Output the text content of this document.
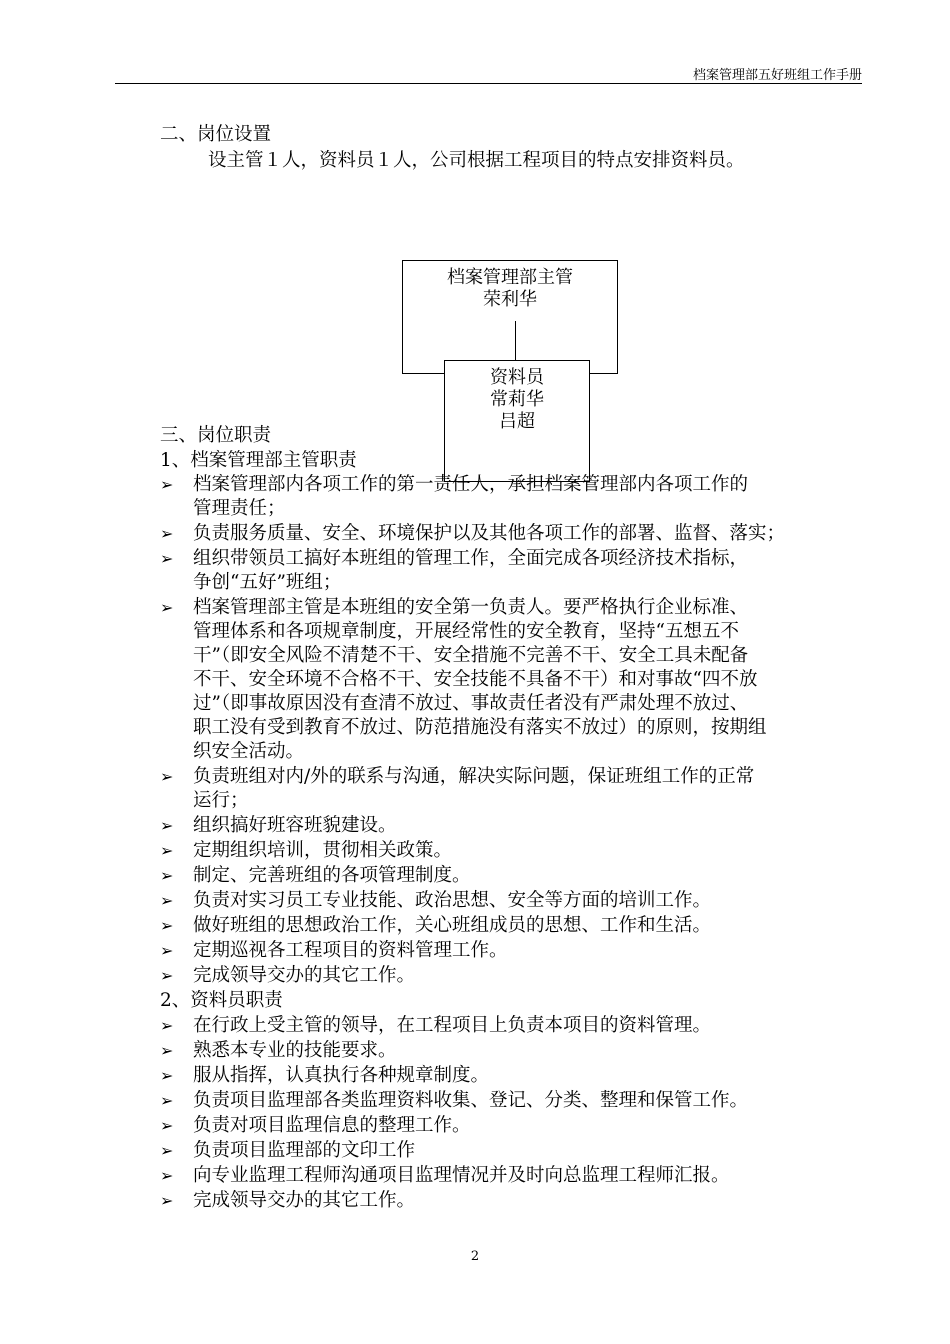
档案管理部五好班组工作手册
二、岗位设置
设主管１人，资料员１人，公司根据工程项目的特点安排资料员。
档案管理部主管
荣利华
资料员
常莉华
吕超
三、岗位职责
1、档案管理部主管职责
➢ 档案管理部内各项工作的第一责任人，承担档案管理部内各项工作的
管理责任；
➢ 负责服务质量、安全、环境保护以及其他各项工作的部署、监督、落实；
➢ 组织带领员工搞好本班组的管理工作，全面完成各项经济技术指标，
争创“五好”班组；
➢ 档案管理部主管是本班组的安全第一负责人。要严格执行企业标准、
管理体系和各项规章制度，开展经常性的安全教育，坚持“五想五不
干”（即安全风险不清楚不干、安全措施不完善不干、安全工具未配备
不干、安全环境不合格不干、安全技能不具备不干）和对事故“四不放
过”（即事故原因没有查清不放过、事故责任者没有严肃处理不放过、
职工没有受到教育不放过、防范措施没有落实不放过）的原则，按期组
织安全活动。
➢ 负责班组对内/外的联系与沟通，解决实际问题，保证班组工作的正常
运行；
➢ 组织搞好班容班貌建设。
➢ 定期组织培训，贯彻相关政策。
➢ 制定、完善班组的各项管理制度。
➢ 负责对实习员工专业技能、政治思想、安全等方面的培训工作。
➢ 做好班组的思想政治工作，关心班组成员的思想、工作和生活。
➢ 定期巡视各工程项目的资料管理工作。
➢ 完成领导交办的其它工作。
2、资料员职责
➢ 在行政上受主管的领导，在工程项目上负责本项目的资料管理。
➢ 熟悉本专业的技能要求。
➢ 服从指挥，认真执行各种规章制度。
➢ 负责项目监理部各类监理资料收集、登记、分类、整理和保管工作。
➢ 负责对项目监理信息的整理工作。
➢ 负责项目监理部的文印工作
➢ 向专业监理工程师沟通项目监理情况并及时向总监理工程师汇报。
➢ 完成领导交办的其它工作。
2
